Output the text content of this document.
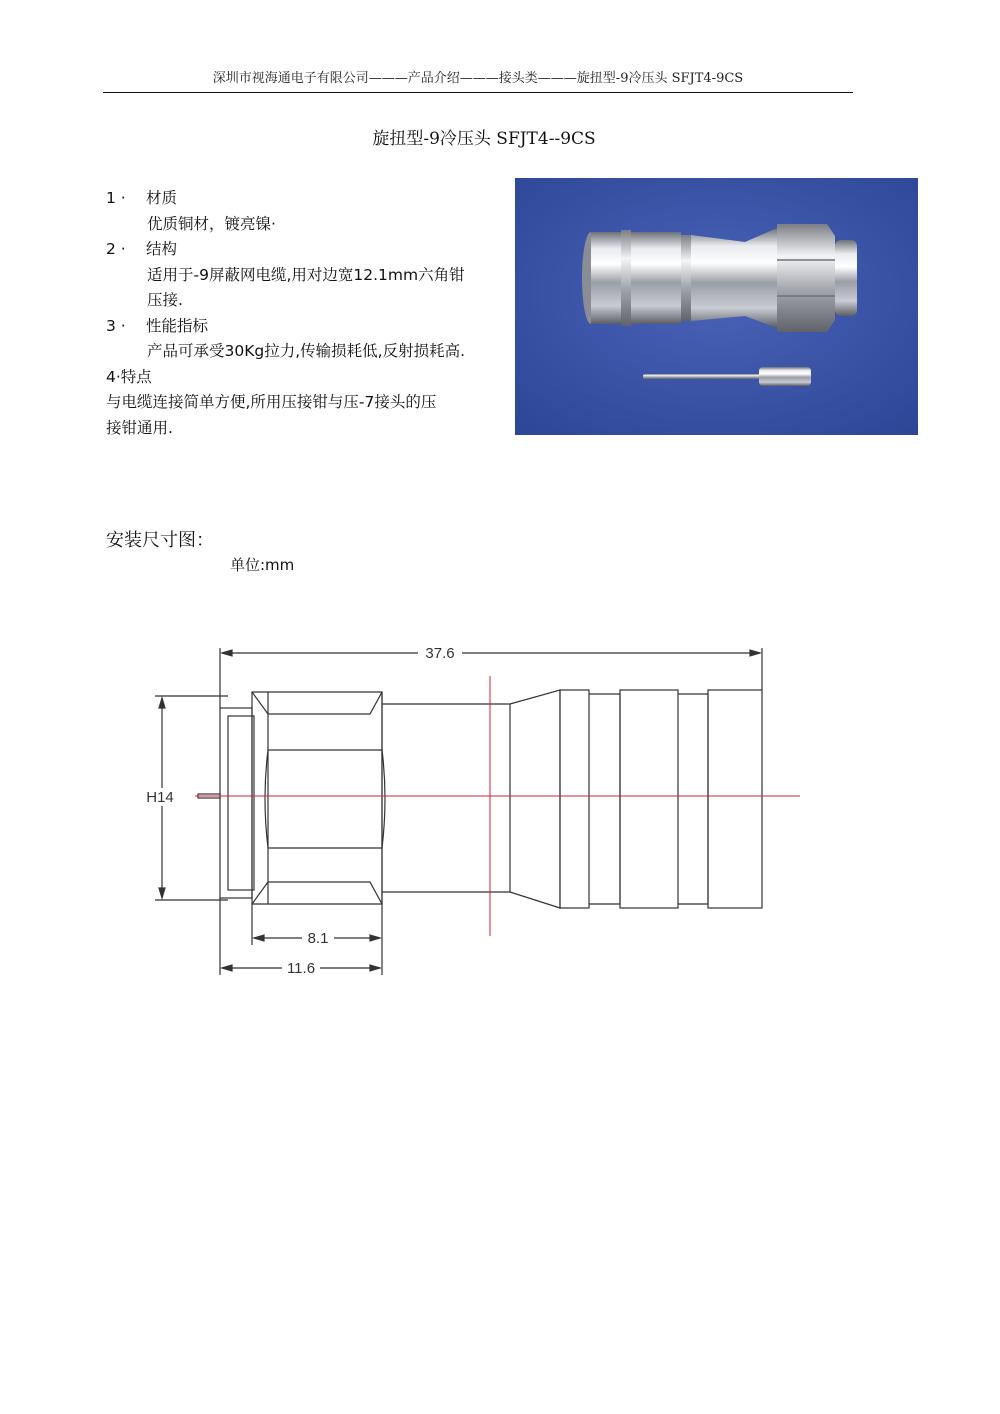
深圳市视海通电子有限公司———产品介绍———接头类———旋扭型-9冷压头 SFJT4-9CS
旋扭型-9冷压头 SFJT4--9CS
1 · 材质
优质铜材，镀亮镍·
2 · 结构
适用于-9屏蔽网电缆,用对边宽12.1mm六角钳
压接.
3 · 性能指标
产品可承受30Kg拉力,传输损耗低,反射损耗高.
4·特点
与电缆连接简单方便,所用压接钳与压-7接头的压
接钳通用.
安装尺寸图：
单位:mm
37.6
H14
8.1
11.6
